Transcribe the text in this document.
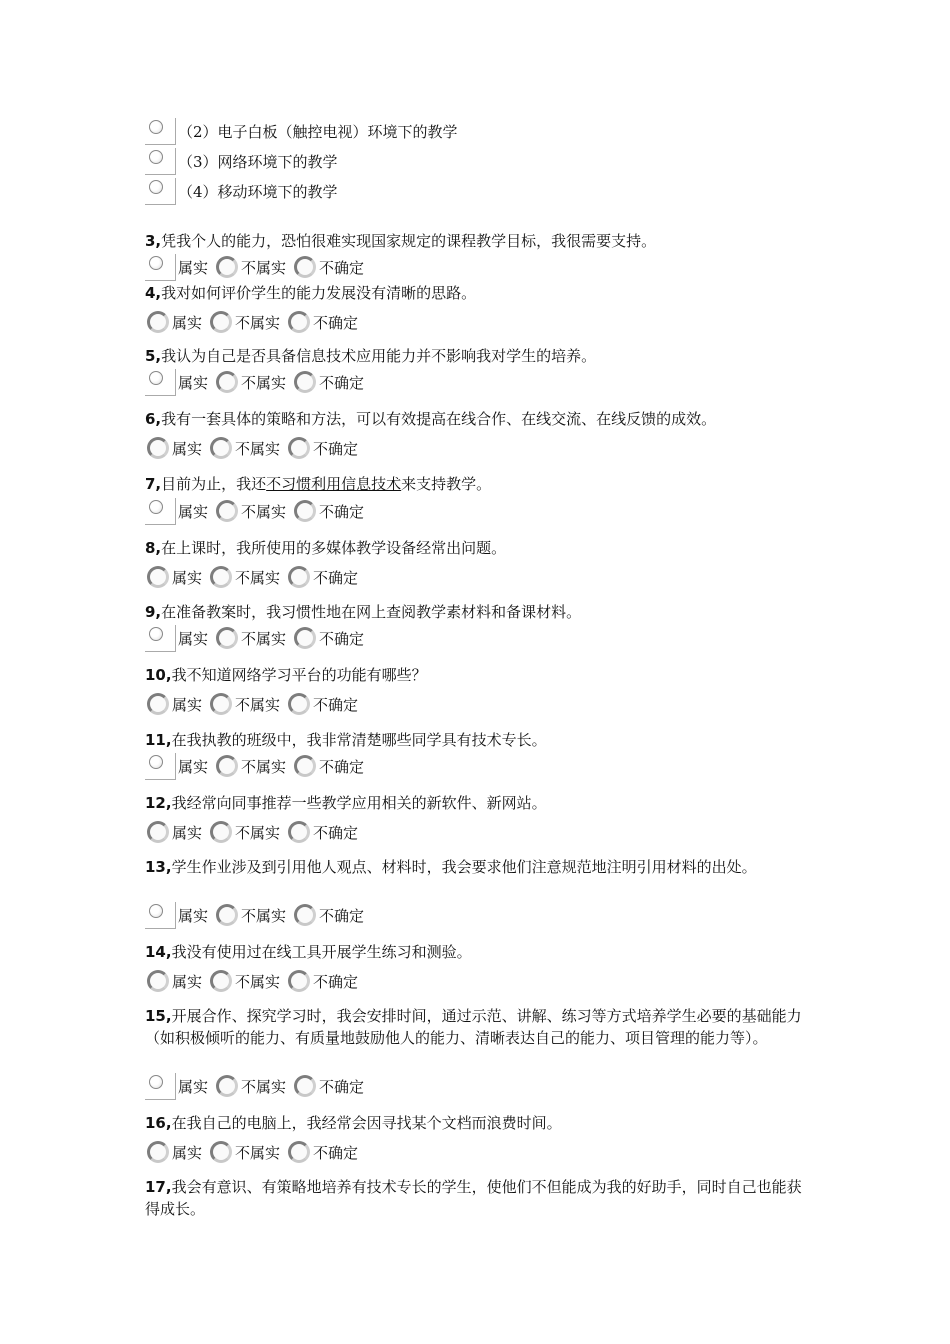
（2）电子白板（触控电视）环境下的教学
（3）网络环境下的教学
（4）移动环境下的教学
3,凭我个人的能力，恐怕很难实现国家规定的课程教学目标，我很需要支持。
属实 不属实 不确定
4,我对如何评价学生的能力发展没有清晰的思路。
属实 不属实 不确定
5,我认为自己是否具备信息技术应用能力并不影响我对学生的培养。
属实 不属实 不确定
6,我有一套具体的策略和方法，可以有效提高在线合作、在线交流、在线反馈的成效。
属实 不属实 不确定
7,目前为止，我还不习惯利用信息技术来支持教学。
属实 不属实 不确定
8,在上课时，我所使用的多媒体教学设备经常出问题。
属实 不属实 不确定
9,在准备教案时，我习惯性地在网上查阅教学素材料和备课材料。
属实 不属实 不确定
10,我不知道网络学习平台的功能有哪些？
属实 不属实 不确定
11,在我执教的班级中，我非常清楚哪些同学具有技术专长。
属实 不属实 不确定
12,我经常向同事推荐一些教学应用相关的新软件、新网站。
属实 不属实 不确定
13,学生作业涉及到引用他人观点、材料时，我会要求他们注意规范地注明引用材料的出处。
属实 不属实 不确定
14,我没有使用过在线工具开展学生练习和测验。
属实 不属实 不确定
15,开展合作、探究学习时，我会安排时间，通过示范、讲解、练习等方式培养学生必要的基础能力（如积极倾听的能力、有质量地鼓励他人的能力、清晰表达自己的能力、项目管理的能力等）。
属实 不属实 不确定
16,在我自己的电脑上，我经常会因寻找某个文档而浪费时间。
属实 不属实 不确定
17,我会有意识、有策略地培养有技术专长的学生，使他们不但能成为我的好助手，同时自己也能获得成长。
